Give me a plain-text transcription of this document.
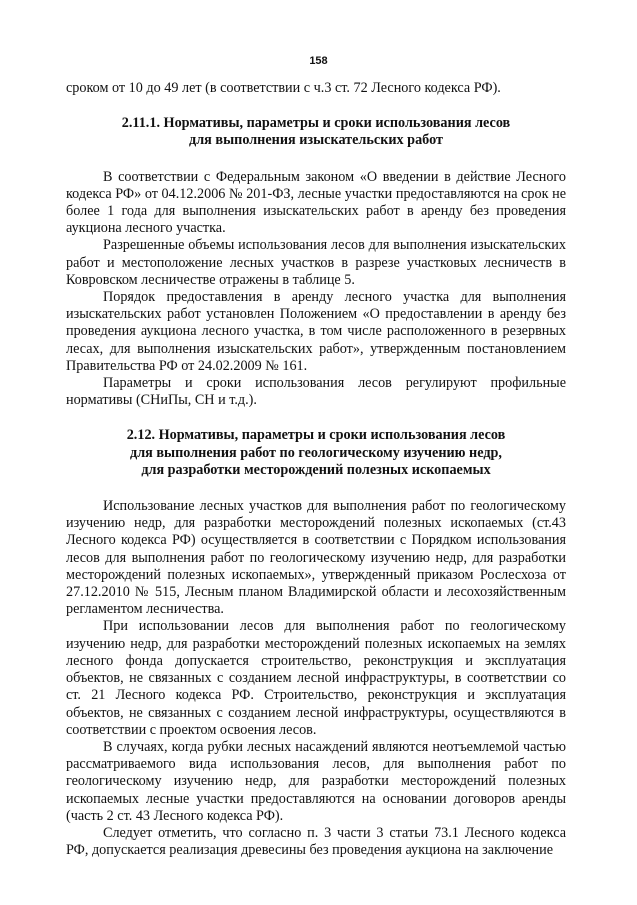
158

сроком от 10 до 49 лет (в соответствии с ч.3 ст. 72 Лесного кодекса РФ).

2.11.1. Нормативы, параметры и сроки использования лесов
для выполнения изыскательских работ

В соответствии с Федеральным законом «О введении в действие Лесного кодекса РФ» от 04.12.2006 № 201-ФЗ, лесные участки предоставляются на срок не более 1 года для выполнения изыскательских работ в аренду без проведения аукциона лесного участка.

Разрешенные объемы использования лесов для выполнения изыскательских работ и местоположение лесных участков в разрезе участковых лесничеств в Ковровском лесничестве отражены в таблице 5.

Порядок предоставления в аренду лесного участка для выполнения изыскательских работ установлен Положением «О предоставлении в аренду без проведения аукциона лесного участка, в том числе расположенного в резервных лесах, для выполнения изыскательских работ», утвержденным постановлением Правительства РФ от 24.02.2009 № 161.

Параметры и сроки использования лесов регулируют профильные нормативы (СНиПы, СН и т.д.).

2.12. Нормативы, параметры и сроки использования лесов
для выполнения работ по геологическому изучению недр,
для разработки месторождений полезных ископаемых

Использование лесных участков для выполнения работ по геологическому изучению недр, для разработки месторождений полезных ископаемых (ст.43 Лесного кодекса РФ) осуществляется в соответствии с Порядком использования лесов для выполнения работ по геологическому изучению недр, для разработки месторождений полезных ископаемых», утвержденный приказом Рослесхоза от 27.12.2010 № 515, Лесным планом Владимирской области и лесохозяйственным регламентом лесничества.

При использовании лесов для выполнения работ по геологическому изучению недр, для разработки месторождений полезных ископаемых на землях лесного фонда допускается строительство, реконструкция и эксплуатация объектов, не связанных с созданием лесной инфраструктуры, в соответствии со ст. 21 Лесного кодекса РФ. Строительство, реконструкция и эксплуатация объектов, не связанных с созданием лесной инфраструктуры, осуществляются в соответствии с проектом освоения лесов.

В случаях, когда рубки лесных насаждений являются неотъемлемой частью рассматриваемого вида использования лесов, для выполнения работ по геологическому изучению недр, для разработки месторождений полезных ископаемых лесные участки предоставляются на основании договоров аренды (часть 2 ст. 43 Лесного кодекса РФ).

Следует отметить, что согласно п. 3 части 3 статьи 73.1 Лесного кодекса РФ, допускается реализация древесины без проведения аукциона на заключение
